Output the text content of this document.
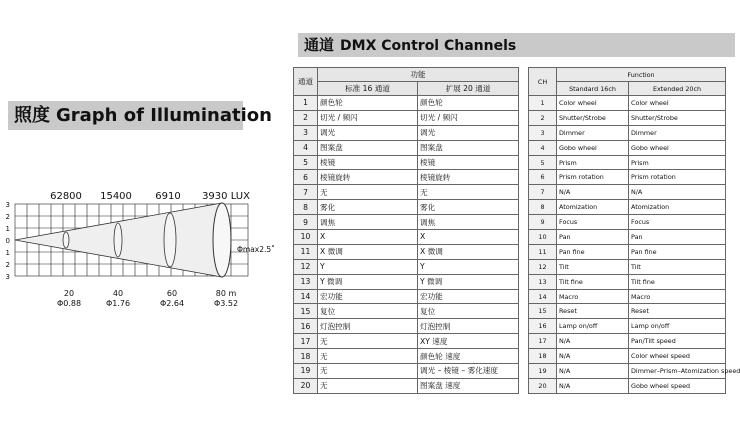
照度 Graph of Illumination
3
2
1
0
1
2
3
62800 15400 6910 3930 LUX
Φmax2.5˚
20	40	60	80 m
Φ0.88	Φ1.76	Φ2.64	Φ3.52
通道 DMX Control Channels
通道	功能	
	标准 16 通道	扩展 20 通道
1	颜色轮	颜色轮
2	切光 / 频闪	切光 / 频闪
3	调光	调光
4	图案盘	图案盘
5	棱镜	棱镜
6	棱镜旋转	棱镜旋转
7	无	无
8	雾化	雾化
9	调焦	调焦
10	X	X
11	X 微调	X 微调
12	Y	Y
13	Y 微调	Y 微调
14	宏功能	宏功能
15	复位	复位
16	灯泡控制	灯泡控制
17	无	XY 速度
18	无	颜色轮 速度
19	无	调光 – 棱镜 – 雾化速度
20	无	图案盘 速度
CH	Function	
	Standard 16ch	Extended 20ch
1	Color wheel	Color wheel
2	Shutter/Strobe	Shutter/Strobe
3	Dimmer	Dimmer
4	Gobo wheel	Gobo wheel
5	Prism	Prism
6	Prism rotation	Prism rotation
7	N/A	N/A
8	Atomization	Atomization
9	Focus	Focus
10	Pan	Pan
11	Pan fine	Pan fine
12	Tilt	Tilt
13	Tilt fine	Tilt fine
14	Macro	Macro
15	Reset	Reset
16	Lamp on/off	Lamp on/off
17	N/A	Pan/Tilt speed
18	N/A	Color wheel speed
19	N/A	Dimmer–Prism–Atomization speed
20	N/A	Gobo wheel speed
